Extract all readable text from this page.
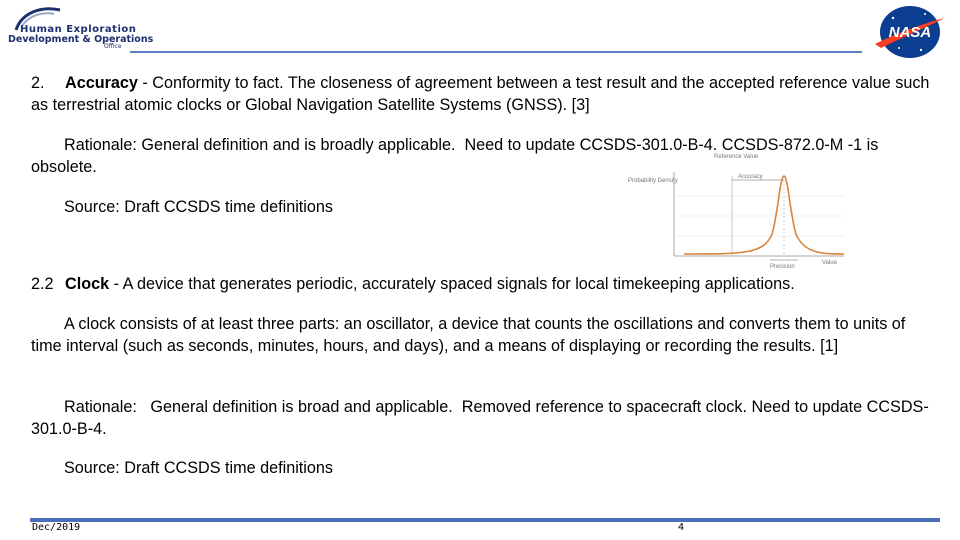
Human Exploration
Development & Operations
Office
NASA
2. Accuracy - Conformity to fact. The closeness of agreement between a test result and the accepted reference value such as terrestrial atomic clocks or Global Navigation Satellite Systems (GNSS). [3]
Rationale: General definition and is broadly applicable.  Need to update CCSDS-301.0-B-4. CCSDS-872.0-M -1 is obsolete.
Source: Draft CCSDS time definitions
Reference Value
Accuracy
Probability Density
Precision
Value
2.2 Clock - A device that generates periodic, accurately spaced signals for local timekeeping applications.
A clock consists of at least three parts: an oscillator, a device that counts the oscillations and converts them to units of time interval (such as seconds, minutes, hours, and days), and a means of displaying or recording the results. [1]
Rationale:   General definition is broad and applicable.  Removed reference to spacecraft clock. Need to update CCSDS-301.0-B-4.
Source: Draft CCSDS time definitions
Dec/2019	4
